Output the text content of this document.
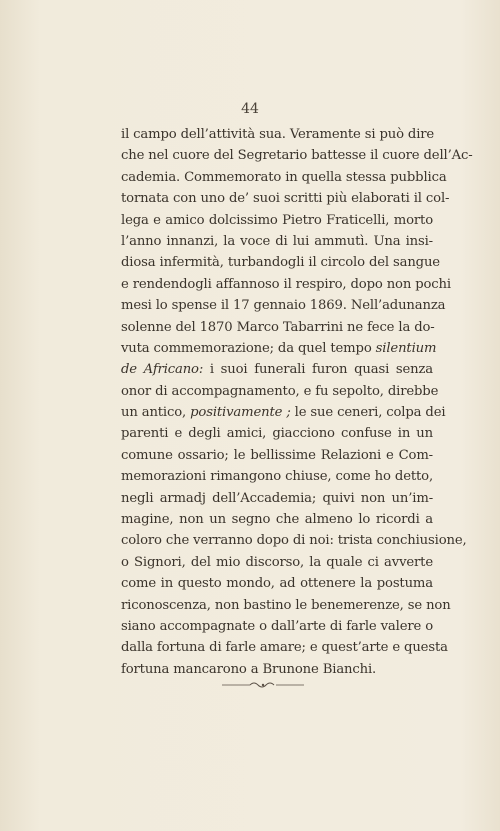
44
il campo dell’attività sua. Veramente si può dire
che nel cuore del Segretario battesse il cuore dell’Ac-
cademia. Commemorato in quella stessa pubblica
tornata con uno de’ suoi scritti più elaborati il col-
lega e amico dolcissimo Pietro Fraticelli, morto
l’anno innanzi, la voce di lui ammutì. Una insi-
diosa infermità, turbandogli il circolo del sangue
e rendendogli affannoso il respiro, dopo non pochi
mesi lo spense il 17 gennaio 1869. Nell’adunanza
solenne del 1870 Marco Tabarrini ne fece la do-
vuta commemorazione; da quel tempo silentium
de Africano: i suoi funerali furon quasi senza
onor di accompagnamento, e fu sepolto, direbbe
un antico, positivamente ; le sue ceneri, colpa dei
parenti e degli amici, giacciono confuse in un
comune ossario; le bellissime Relazioni e Com-
memorazioni rimangono chiuse, come ho detto,
negli armadj dell’Accademia; quivi non un’im-
magine, non un segno che almeno lo ricordi a
coloro che verranno dopo di noi: trista conchiusione,
o Signori, del mio discorso, la quale ci avverte
come in questo mondo, ad ottenere la postuma
riconoscenza, non bastino le benemerenze, se non
siano accompagnate o dall’arte di farle valere o
dalla fortuna di farle amare; e quest’arte e questa
fortuna mancarono a Brunone Bianchi.
